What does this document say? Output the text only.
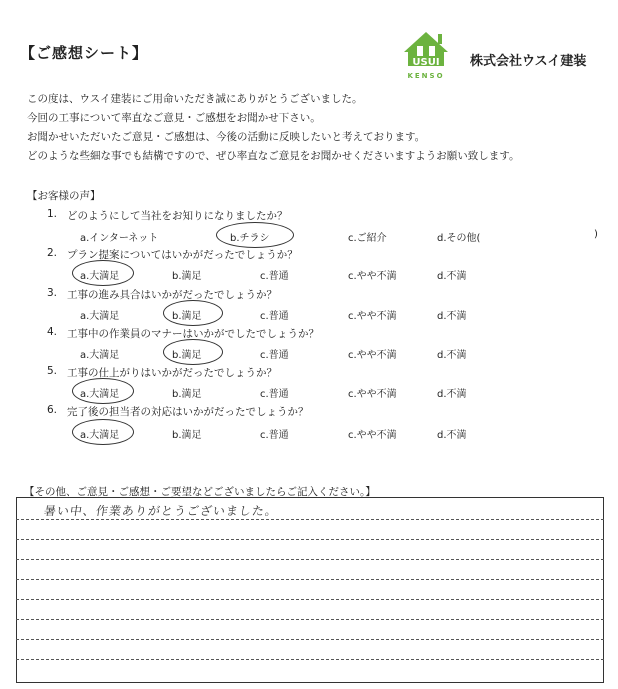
【ご感想シート】
USUI
KENSO
株式会社ウスイ建装
この度は、ウスイ建装にご用命いただき誠にありがとうございました。
今回の工事について率直なご意見・ご感想をお聞かせ下さい。
お聞かせいただいたご意見・ご感想は、今後の活動に反映したいと考えております。
どのような些細な事でも結構ですので、ぜひ率直なご意見をお聞かせくださいますようお願い致します。
【お客様の声】
1. どのようにして当社をお知りになりましたか？
a.インターネット	b.チラシ	c.ご紹介	d.その他(	)
2. プラン提案についてはいかがだったでしょうか？
a.大満足	b.満足	c.普通	c.やや不満	d.不満
3. 工事の進み具合はいかがだったでしょうか？
a.大満足	b.満足	c.普通	c.やや不満	d.不満
4. 工事中の作業員のマナーはいかがでしたでしょうか？
a.大満足	b.満足	c.普通	c.やや不満	d.不満
5. 工事の仕上がりはいかがだったでしょうか？
a.大満足	b.満足	c.普通	c.やや不満	d.不満
6. 完了後の担当者の対応はいかがだったでしょうか？
a.大満足	b.満足	c.普通	c.やや不満	d.不満
【その他、ご意見・ご感想・ご要望などございましたらご記入ください。】
暑い中、作業ありがとうございました。
